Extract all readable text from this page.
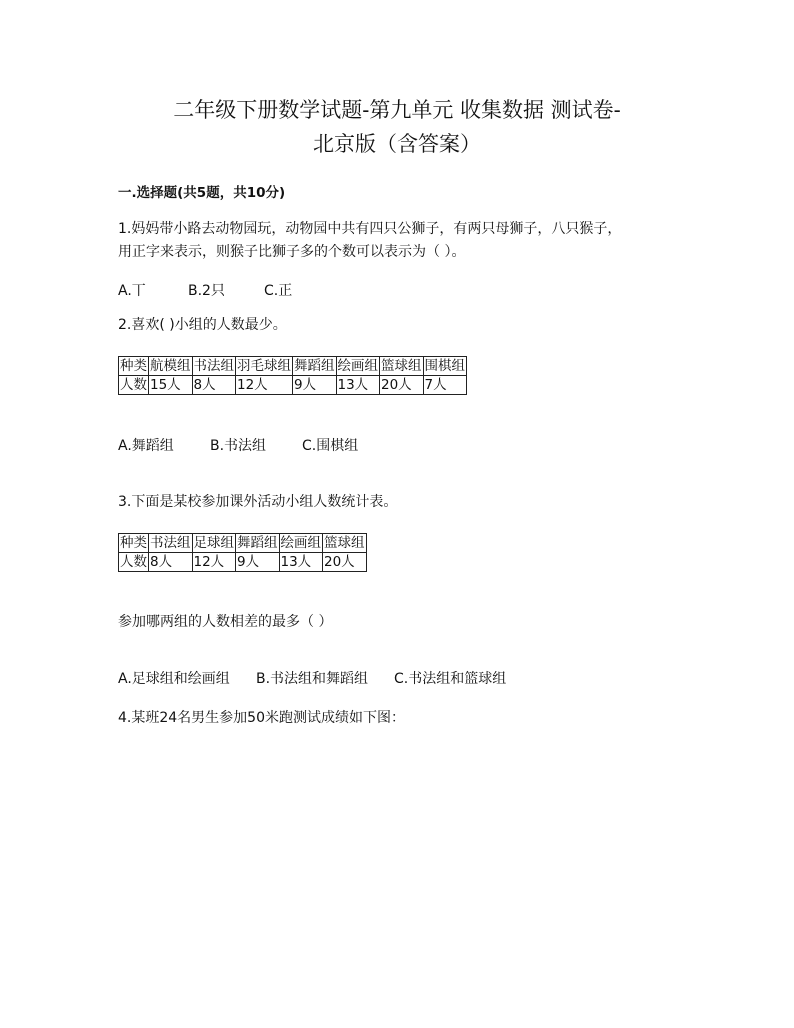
二年级下册数学试题-第九单元 收集数据 测试卷-
北京版（含答案）
一.选择题(共5题，共10分)
1.妈妈带小路去动物园玩，动物园中共有四只公狮子，有两只母狮子，八只猴子，
用正字来表示，则猴子比狮子多的个数可以表示为（ ）。
A.丅	B.2只	C.正
2.喜欢( )小组的人数最少。
种类	航模组	书法组	羽毛球组	舞蹈组	绘画组	篮球组	围棋组
人数	15人	8人	12人	9人	13人	20人	7人
A.舞蹈组	B.书法组	C.围棋组
3.下面是某校参加课外活动小组人数统计表。
种类	书法组	足球组	舞蹈组	绘画组	篮球组
人数	8人	12人	9人	13人	20人
参加哪两组的人数相差的最多（ ）
A.足球组和绘画组 B.书法组和舞蹈组 C.书法组和篮球组
4.某班24名男生参加50米跑测试成绩如下图：
